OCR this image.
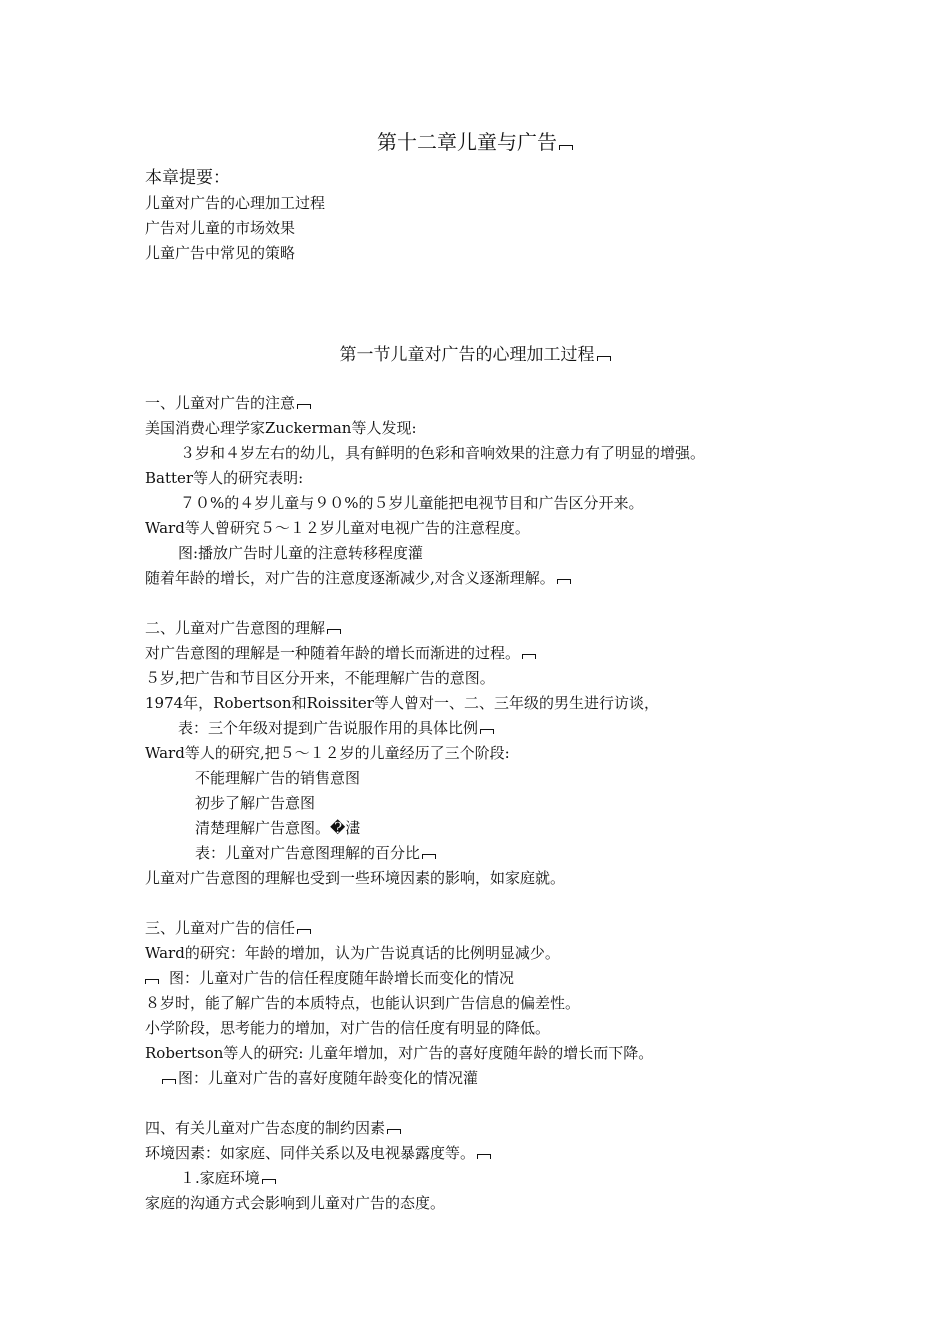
第十二章儿童与广告
本章提要：
儿童对广告的心理加工过程
广告对儿童的市场效果
儿童广告中常见的策略
第一节儿童对广告的心理加工过程
一、儿童对广告的注意
美国消费心理学家Zuckerman等人发现:
３岁和４岁左右的幼儿，具有鲜明的色彩和音响效果的注意力有了明显的增强。
Batter等人的研究表明:
７０%的４岁儿童与９０%的５岁儿童能把电视节目和广告区分开来。
Ward等人曾研究５～１２岁儿童对电视广告的注意程度。
图:播放广告时儿童的注意转移程度灌
随着年龄的增长，对广告的注意度逐渐减少,对含义逐渐理解。
二、儿童对广告意图的理解
对广告意图的理解是一种随着年龄的增长而渐进的过程。
５岁,把广告和节目区分开来，不能理解广告的意图。
1974年，Robertson和Roissiter等人曾对一、二、三年级的男生进行访谈，
表：三个年级对提到广告说服作用的具体比例
Ward等人的研究,把５～１２岁的儿童经历了三个阶段:
不能理解广告的销售意图
初步了解广告意图
清楚理解广告意图。�澅
表：儿童对广告意图理解的百分比
儿童对广告意图的理解也受到一些环境因素的影响，如家庭就。
三、儿童对广告的信任
Ward的研究：年龄的增加，认为广告说真话的比例明显减少。
图：儿童对广告的信任程度随年龄增长而变化的情况
８岁时，能了解广告的本质特点，也能认识到广告信息的偏差性。
小学阶段，思考能力的增加，对广告的信任度有明显的降低。
Robertson等人的研究: 儿童年增加，对广告的喜好度随年龄的增长而下降。
图：儿童对广告的喜好度随年龄变化的情况灌
四、有关儿童对广告态度的制约因素
环境因素：如家庭、同伴关系以及电视暴露度等。
１.家庭环境
家庭的沟通方式会影响到儿童对广告的态度。
